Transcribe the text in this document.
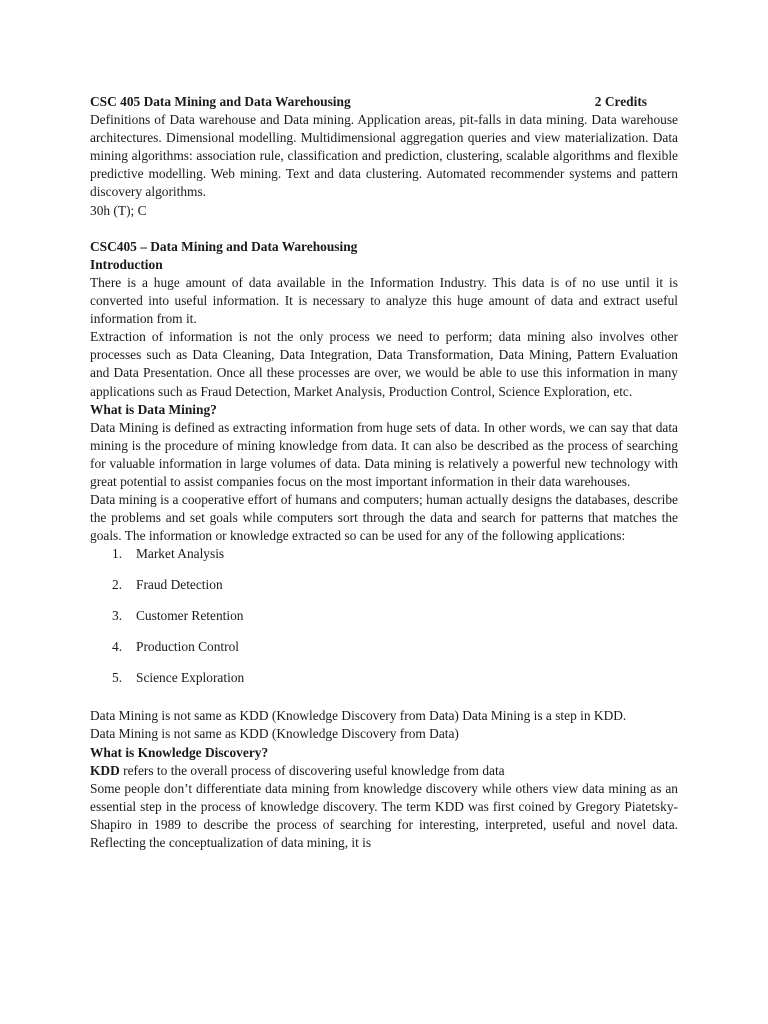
CSC 405 Data Mining and Data Warehousing	2 Credits

Definitions of Data warehouse and Data mining. Application areas, pit-falls in data mining. Data warehouse architectures. Dimensional modelling. Multidimensional aggregation queries and view materialization. Data mining algorithms: association rule, classification and prediction, clustering, scalable algorithms and flexible predictive modelling. Web mining. Text and data clustering. Automated recommender systems and pattern discovery algorithms.

30h (T); C

CSC405 – Data Mining and Data Warehousing

Introduction

There is a huge amount of data available in the Information Industry. This data is of no use until it is converted into useful information. It is necessary to analyze this huge amount of data and extract useful information from it.

Extraction of information is not the only process we need to perform; data mining also involves other processes such as Data Cleaning, Data Integration, Data Transformation, Data Mining, Pattern Evaluation and Data Presentation. Once all these processes are over, we would be able to use this information in many applications such as Fraud Detection, Market Analysis, Production Control, Science Exploration, etc.

What is Data Mining?

Data Mining is defined as extracting information from huge sets of data. In other words, we can say that data mining is the procedure of mining knowledge from data. It can also be described as the process of searching for valuable information in large volumes of data. Data mining is relatively a powerful new technology with great potential to assist companies focus on the most important information in their data warehouses.

Data mining is a cooperative effort of humans and computers; human actually designs the databases, describe the problems and set goals while computers sort through the data and search for patterns that matches the goals. The information or knowledge extracted so can be used for any of the following applications:

1. Market Analysis
2. Fraud Detection
3. Customer Retention
4. Production Control
5. Science Exploration

Data Mining is not same as KDD (Knowledge Discovery from Data) Data Mining is a step in KDD.

Data Mining is not same as KDD (Knowledge Discovery from Data)

What is Knowledge Discovery?

KDD refers to the overall process of discovering useful knowledge from data

Some people don’t differentiate data mining from knowledge discovery while others view data mining as an essential step in the process of knowledge discovery. The term KDD was first coined by Gregory Piatetsky-Shapiro in 1989 to describe the process of searching for interesting, interpreted, useful and novel data. Reflecting the conceptualization of data mining, it is
